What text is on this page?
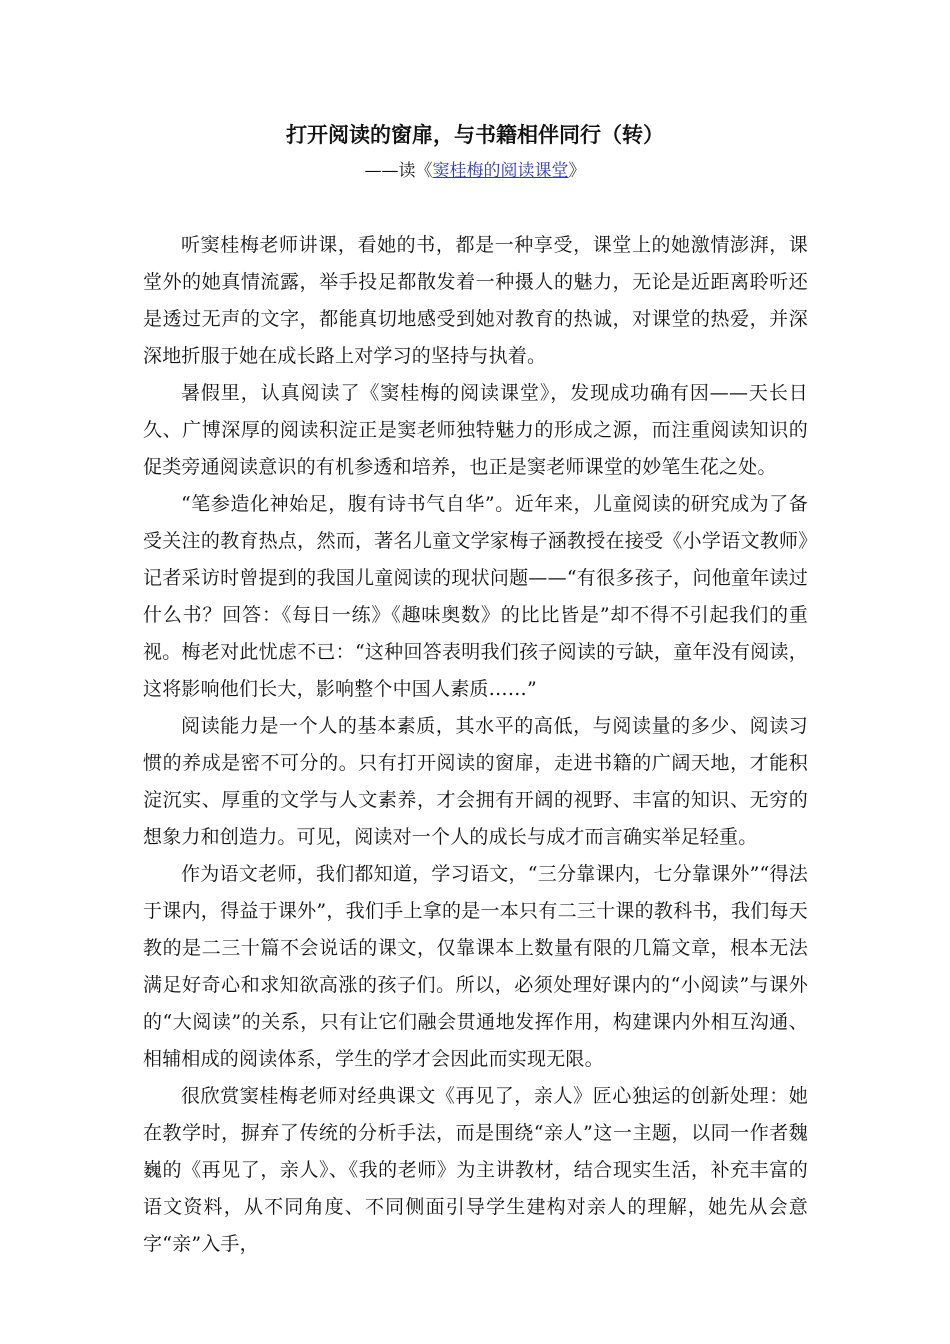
打开阅读的窗扉，与书籍相伴同行（转）

——读《窦桂梅的阅读课堂》

听窦桂梅老师讲课，看她的书，都是一种享受，课堂上的她激情澎湃，课堂外的她真情流露，举手投足都散发着一种摄人的魅力，无论是近距离聆听还是透过无声的文字，都能真切地感受到她对教育的热诚，对课堂的热爱，并深深地折服于她在成长路上对学习的坚持与执着。

暑假里，认真阅读了《窦桂梅的阅读课堂》，发现成功确有因——天长日久、广博深厚的阅读积淀正是窦老师独特魅力的形成之源，而注重阅读知识的促类旁通阅读意识的有机参透和培养，也正是窦老师课堂的妙笔生花之处。

“笔参造化神始足，腹有诗书气自华”。近年来，儿童阅读的研究成为了备受关注的教育热点，然而，著名儿童文学家梅子涵教授在接受《小学语文教师》记者采访时曾提到的我国儿童阅读的现状问题——“有很多孩子，问他童年读过什么书？回答：《每日一练》《趣味奥数》的比比皆是”却不得不引起我们的重视。梅老对此忧虑不已：“这种回答表明我们孩子阅读的亏缺，童年没有阅读，这将影响他们长大，影响整个中国人素质……”

阅读能力是一个人的基本素质，其水平的高低，与阅读量的多少、阅读习惯的养成是密不可分的。只有打开阅读的窗扉，走进书籍的广阔天地，才能积淀沉实、厚重的文学与人文素养，才会拥有开阔的视野、丰富的知识、无穷的想象力和创造力。可见，阅读对一个人的成长与成才而言确实举足轻重。

作为语文老师，我们都知道，学习语文，“三分靠课内，七分靠课外”“得法于课内，得益于课外”，我们手上拿的是一本只有二三十课的教科书，我们每天教的是二三十篇不会说话的课文，仅靠课本上数量有限的几篇文章，根本无法满足好奇心和求知欲高涨的孩子们。所以，必须处理好课内的“小阅读”与课外的“大阅读”的关系，只有让它们融会贯通地发挥作用，构建课内外相互沟通、相辅相成的阅读体系，学生的学才会因此而实现无限。

很欣赏窦桂梅老师对经典课文《再见了，亲人》匠心独运的创新处理：她在教学时，摒弃了传统的分析手法，而是围绕“亲人”这一主题，以同一作者魏巍的《再见了，亲人》、《我的老师》为主讲教材，结合现实生活，补充丰富的语文资料，从不同角度、不同侧面引导学生建构对亲人的理解，她先从会意字“亲”入手，
